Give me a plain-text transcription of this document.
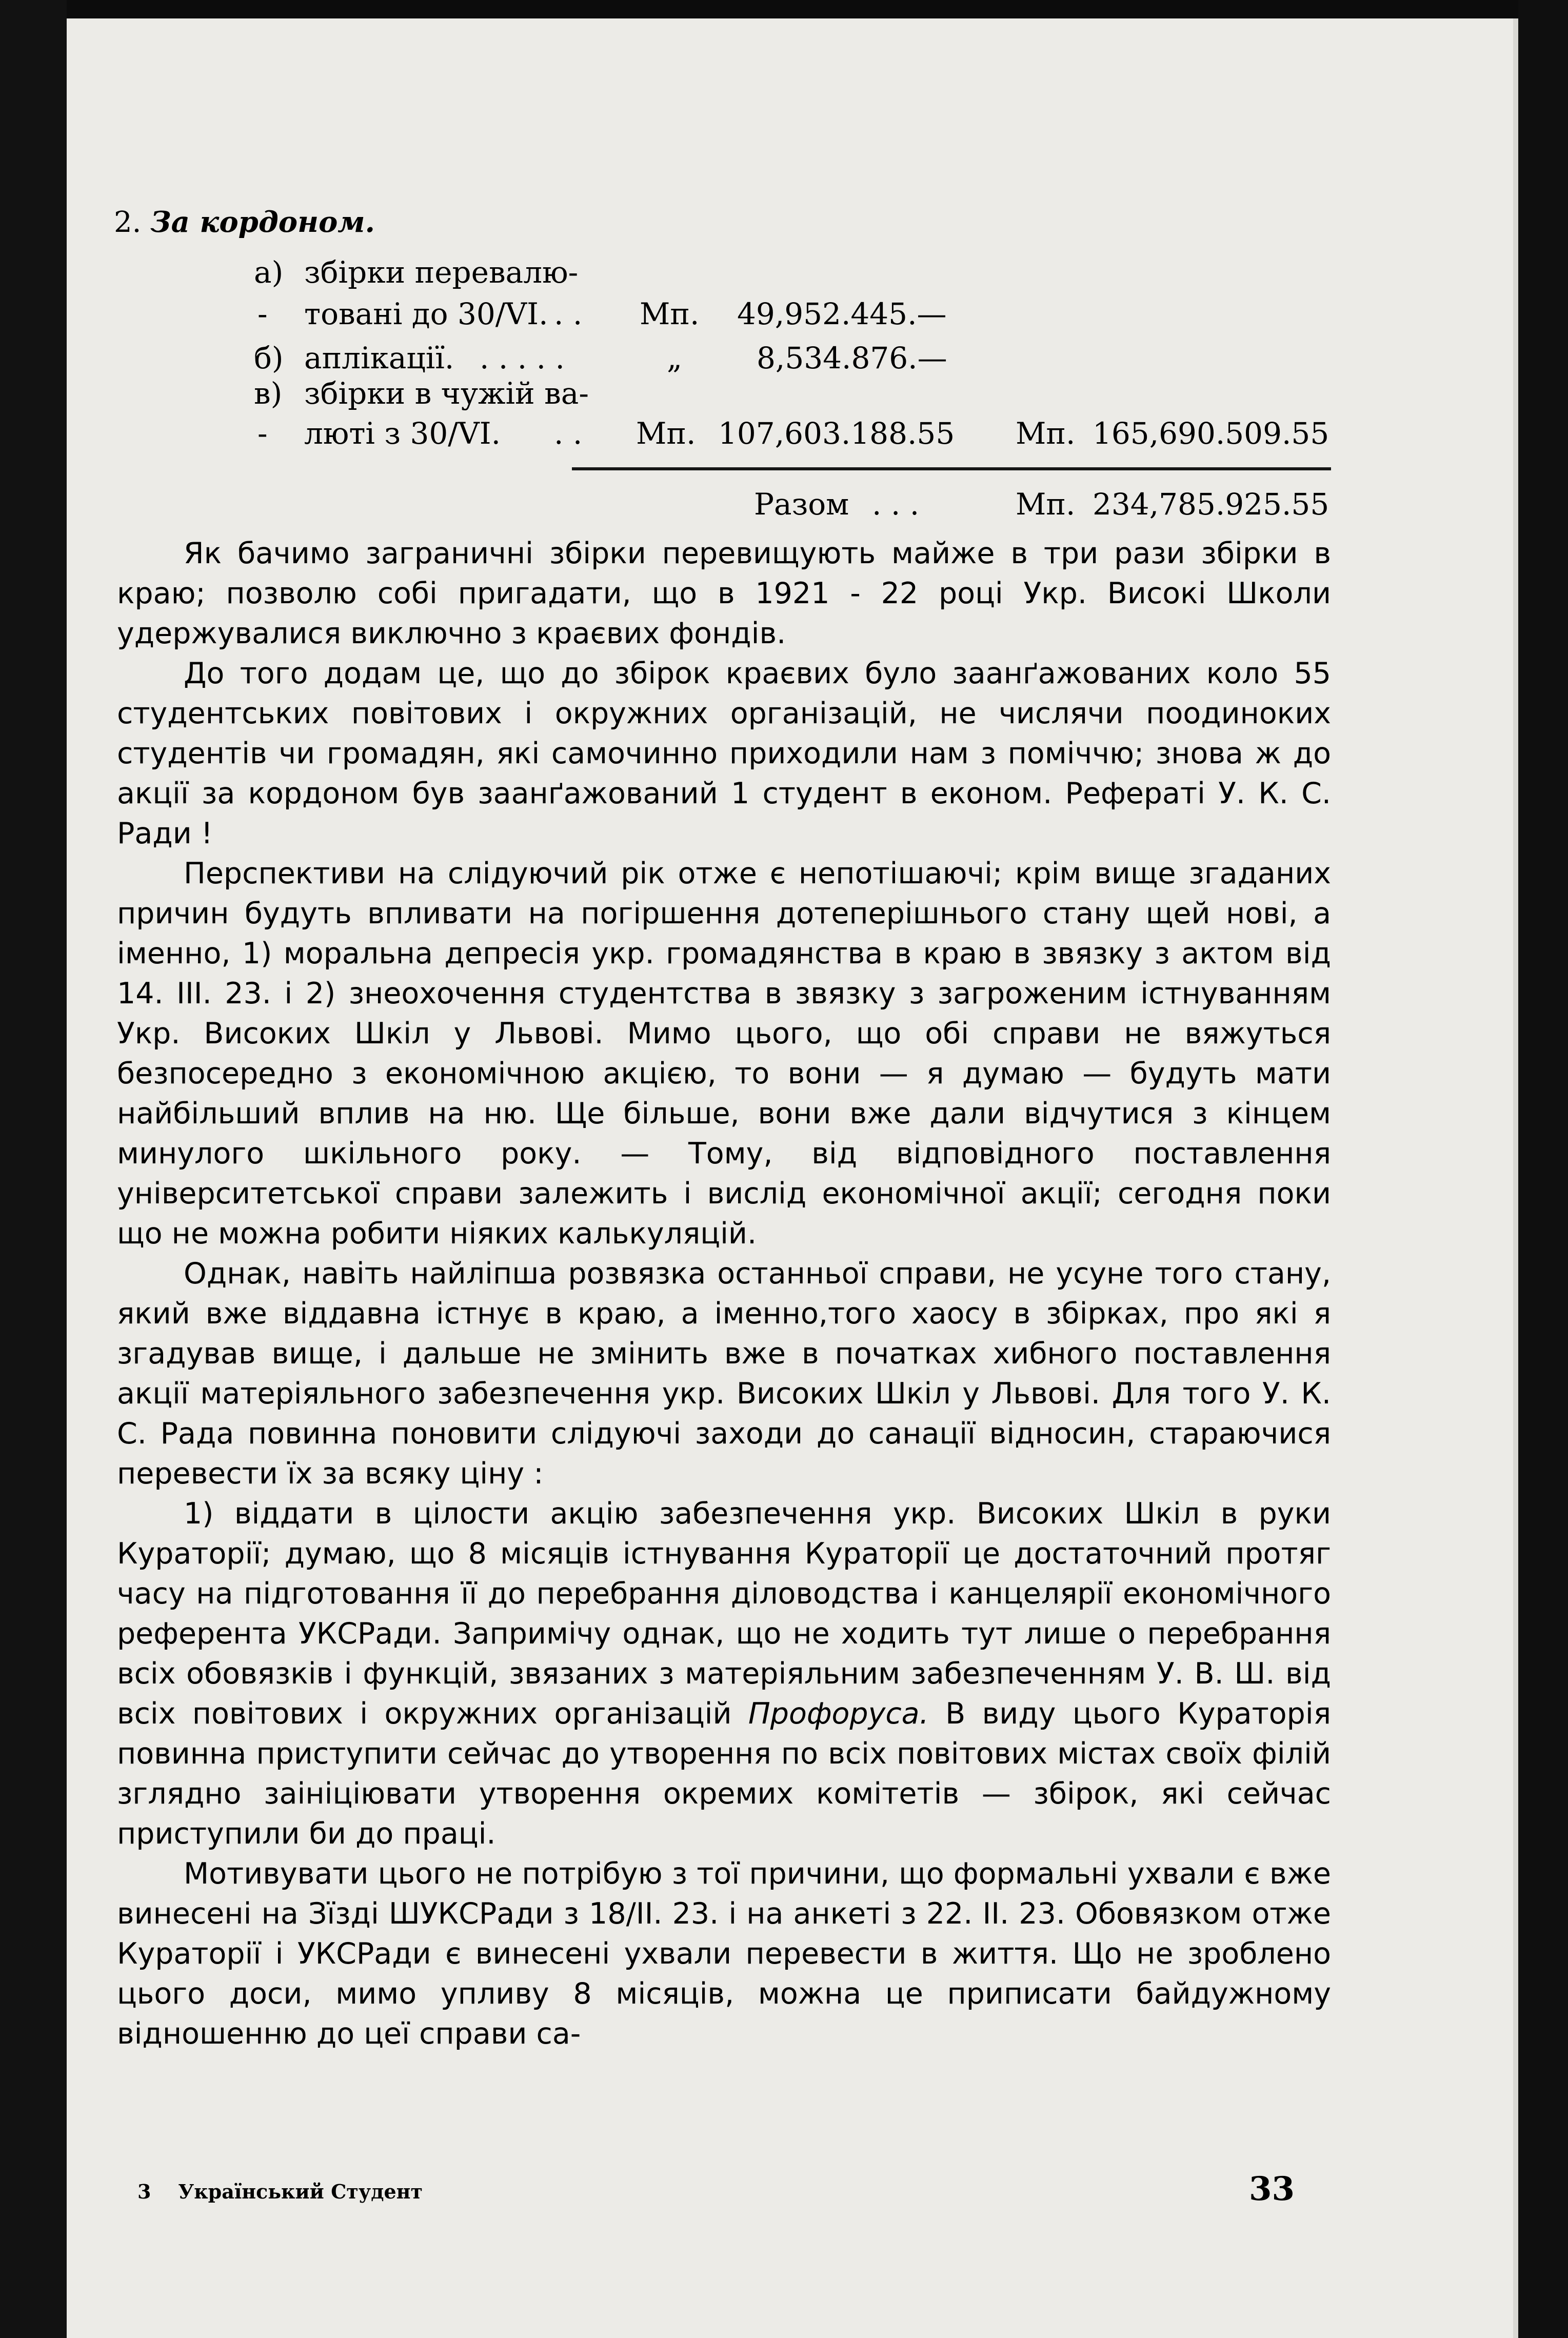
2. За кордоном.
а) збірки перевалю-
- товані до 30/VI. . . Мп. 49,952.445.—
б) аплікації. . . . . .	„ 8,534.876.—
в) збірки в чужій ва-
- люті з 30/VI. . . Мп. 107,603.188.55 Мп. 165,690.509.55
Разом . . .	Мп. 234,785.925.55

Як бачимо заграничні збірки перевищують майже в три рази збірки в краю; позволю собі пригадати, що в 1921 - 22 році Укр. Високі Школи удержувалися виключно з краєвих фондів.

До того додам це, що до збірок краєвих було заанґажованих коло 55 студентських повітових і окружних організацій, не числячи поодиноких студентів чи громадян, які самочинно приходили нам з поміччю; знова ж до акції за кордоном був заанґажований 1 студент в економ. Рефераті У. К. С. Ради !

Перспективи на слідуючий рік отже є непотішаючі; крім вище згаданих причин будуть впливати на погіршення дотеперішнього стану щей нові, а іменно, 1) моральна депресія укр. громадянства в краю в звязку з актом від 14. III. 23. і 2) знеохочення студентства в звязку з загроженим істнуванням Укр. Високих Шкіл у Львові. Мимо цього, що обі справи не вяжуться безпосередно з економічною акцією, то вони — я думаю — будуть мати найбільший вплив на ню. Ще більше, вони вже дали відчутися з кінцем минулого шкільного року. — Тому, від відповідного поставлення університетської справи залежить і вислід економічної акції; сегодня поки що не можна робити ніяких калькуляцій.

Однак, навіть найліпша розвязка останньої справи, не усуне того стану, який вже віддавна істнує в краю, а іменно,того хаосу в збірках, про які я згадував вище, і дальше не змінить вже в початках хибного поставлення акції матеріяльного забезпечення укр. Високих Шкіл у Львові. Для того У. К. С. Рада повинна поновити слідуючі заходи до санації відносин, стараючися перевести їх за всяку ціну :

1) віддати в цілости акцію забезпечення укр. Високих Шкіл в руки Кураторії; думаю, що 8 місяців істнування Кураторії це достаточний протяг часу на підготовання її до перебрання діловодства і канцелярії економічного референта УКСРади. Запримічу однак, що не ходить тут лише о перебрання всіх обовязків і функцій, звязаних з матеріяльним забезпеченням У. В. Ш. від всіх повітових і окружних організацій Профоруса. В виду цього Кураторія повинна приступити сейчас до утворення по всіх повітових містах своїх філій зглядно заініціювати утворення окремих комітетів — збірок, які сейчас приступили би до праці.

Мотивувати цього не потрібую з тої причини, що формальні ухвали є вже винесені на Зїзді ШУКСРади з 18/II. 23. і на анкеті з 22. II. 23. Обовязком отже Кураторії і УКСРади є винесені ухвали перевести в життя. Що не зроблено цього доси, мимо упливу 8 місяців, можна це приписати байдужному відношенню до цеї справи са-

3 Український Студент	33
